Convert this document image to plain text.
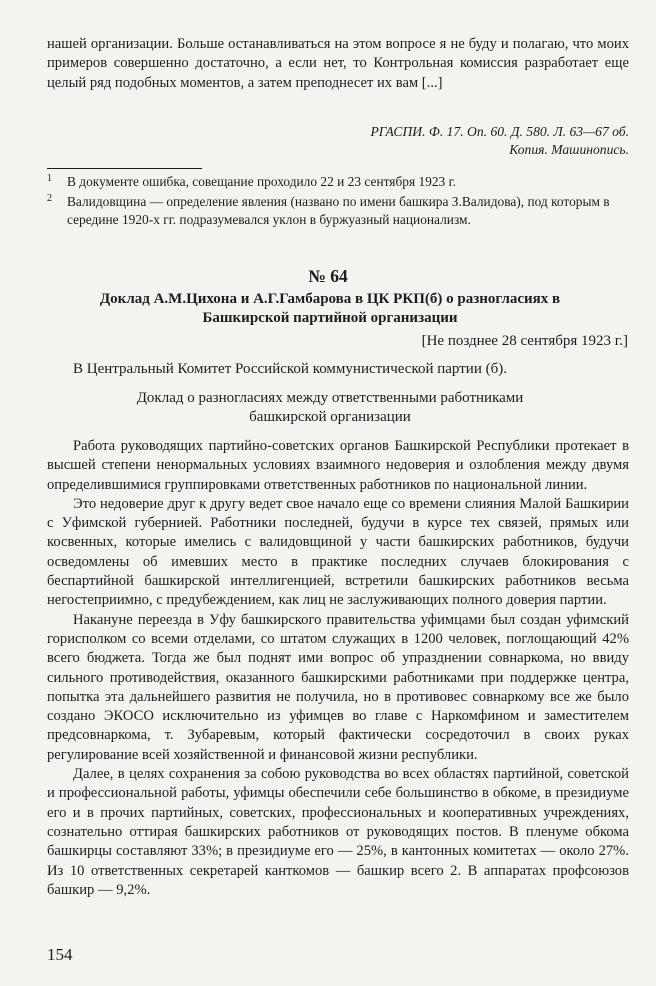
нашей организации. Больше останавливаться на этом вопросе я не буду и полагаю, что моих примеров совершенно достаточно, а если нет, то Контрольная комиссия разработает еще целый ряд подобных моментов, а затем преподнесет их вам [...]

РГАСПИ. Ф. 17. Оп. 60. Д. 580. Л. 63—67 об.
Копия. Машинопись.
1 В документе ошибка, совещание проходило 22 и 23 сентября 1923 г.
2 Валидовщина — определение явления (названо по имени башкира З.Валидова), под которым в середине 1920-х гг. подразумевался уклон в буржуазный национализм.
№ 64
Доклад А.М.Цихона и А.Г.Гамбарова в ЦК РКП(б) о разногласиях в Башкирской партийной организации
[Не позднее 28 сентября 1923 г.]
В Центральный Комитет Российской коммунистической партии (б).
Доклад о разногласиях между ответственными работниками башкирской организации

Работа руководящих партийно-советских органов Башкирской Республики протекает в высшей степени ненормальных условиях взаимного недоверия и озлобления между двумя определившимися группировками ответственных работников по национальной линии.

Это недоверие друг к другу ведет свое начало еще со времени слияния Малой Башкирии с Уфимской губернией. Работники последней, будучи в курсе тех связей, прямых или косвенных, которые имелись с валидовщиной у части башкирских работников, будучи осведомлены об имевших место в практике последних случаев блокирования с беспартийной башкирской интеллигенцией, встретили башкирских работников весьма негостеприимно, с предубеждением, как лиц не заслуживающих полного доверия партии.

Накануне переезда в Уфу башкирского правительства уфимцами был создан уфимский горисполком со всеми отделами, со штатом служащих в 1200 человек, поглощающий 42% всего бюджета. Тогда же был поднят ими вопрос об упразднении совнаркома, но ввиду сильного противодействия, оказанного башкирскими работниками при поддержке центра, попытка эта дальнейшего развития не получила, но в противовес совнаркому все же было создано ЭКОСО исключительно из уфимцев во главе с Наркомфином и заместителем предсовнаркома, т. Зубаревым, который фактически сосредоточил в своих руках регулирование всей хозяйственной и финансовой жизни республики.

Далее, в целях сохранения за собою руководства во всех областях партийной, советской и профессиональной работы, уфимцы обеспечили себе большинство в обкоме, в президиуме его и в прочих партийных, советских, профессиональных и кооперативных учреждениях, сознательно оттирая башкирских работников от руководящих постов. В пленуме обкома башкирцы составляют 33%; в президиуме его — 25%, в кантонных комитетах — около 27%. Из 10 ответственных секретарей канткомов — башкир всего 2. В аппаратах профсоюзов башкир — 9,2%.

154
